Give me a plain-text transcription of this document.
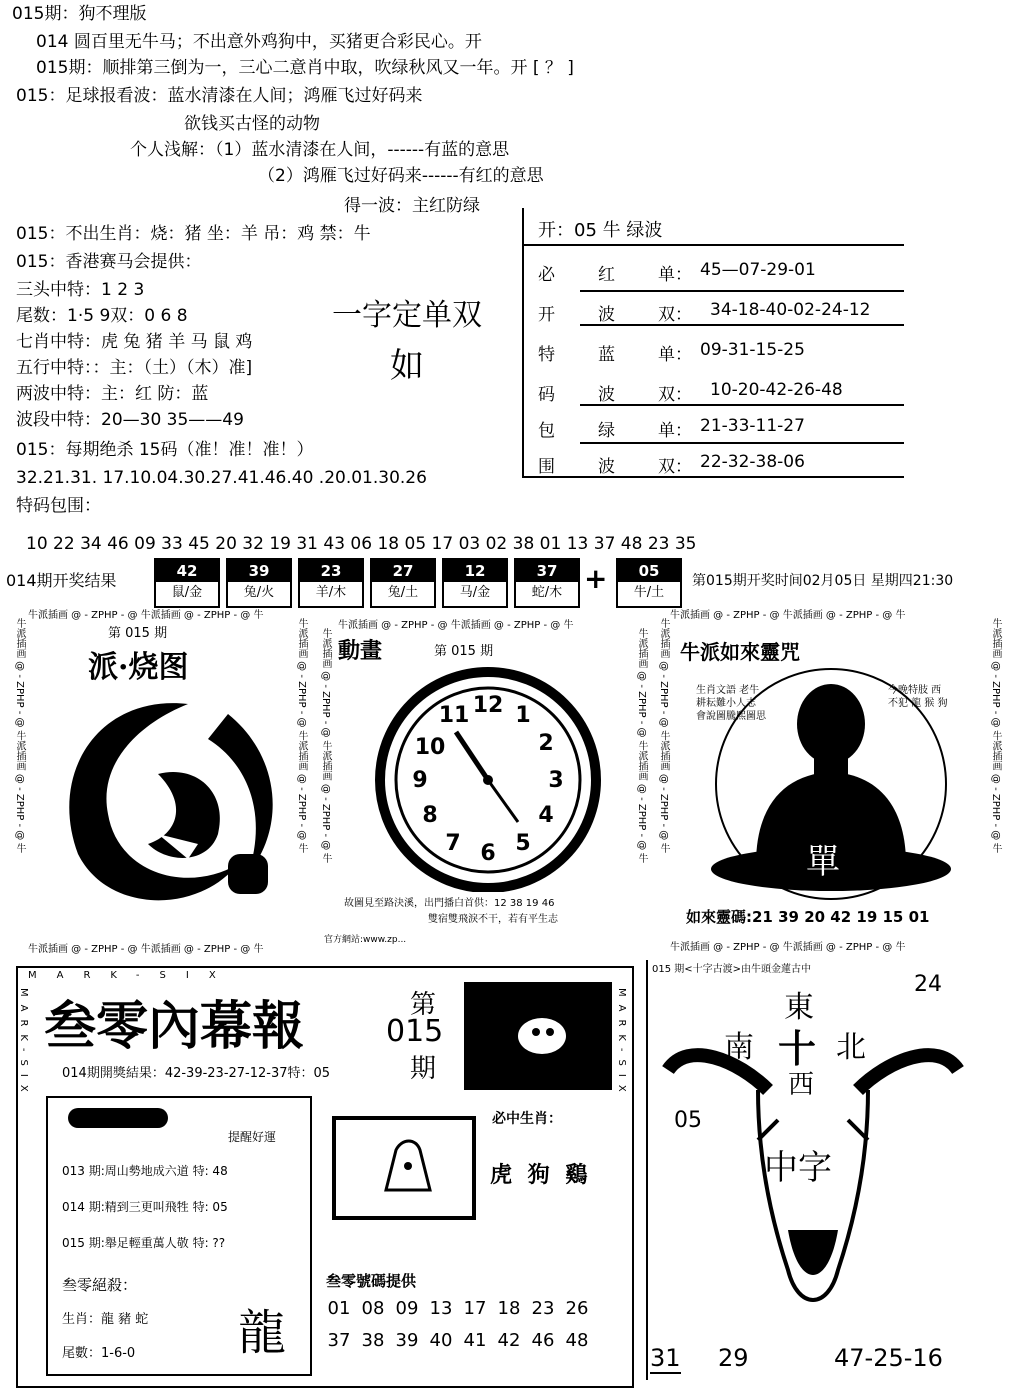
015期：狗不理版
014 圆百里无牛马；不出意外鸡狗中，买猪更合彩民心。开
015期：顺排第三倒为一，三心二意肖中取，吹绿秋风又一年。开 [ ？ ]
015：足球报看波：蓝水清漆在人间；鸿雁飞过好码来
欲钱买古怪的动物
个人浅解：（1）蓝水清漆在人间，------有蓝的意思
（2）鸿雁飞过好码来------有红的意思
得一波：主红防绿
015：不出生肖：烧：猪 坐：羊 吊：鸡 禁：牛
015：香港赛马会提供：
三头中特：1 2 3
尾数：1·5 9双：0 6 8
七肖中特：虎 兔 猪 羊 马 鼠 鸡
五行中特：：主：（土）（木）准]
两波中特：主：红 防：蓝
波段中特：20—30 35——49
015：每期绝杀 15码（准！准！准！）
32.21.31. 17.10.04.30.27.41.46.40 .20.01.30.26
特码包围：
一字定单双
如
开：05 牛 绿波
必	红	单： 45—07-29-01
开	波	双： 34-18-40-02-24-12
特	蓝	单： 09-31-15-25
码	波	双： 10-20-42-26-48
包	绿	单： 21-33-11-27
围	波	双： 22-32-38-06
10 22 34 46 09 33 45 20 32 19 31 43 06 18 05 17 03 02 38 01 13 37 48 23 35
014期开奖结果	42
鼠/金
39
兔/火
23
羊/木
27
兔/土
12
马/金
37
蛇/木 +	05
牛/土
第015期开奖时间02月05日 星期四21:30
牛派插画 @ - ZPHP - @ 牛派插画 @ - ZPHP - @ 牛
牛派插画 @ - ZPHP - @ 牛派插画 @ - ZPHP - @ 牛
牛派插画 @ - ZPHP - @ 牛派插画 @ - ZPHP - @ 牛	牛派插画 @ - ZPHP - @ 牛派插画 @ - ZPHP - @ 牛
第 015 期
派·烧图
牛派插画 @ - ZPHP - @ 牛派插画 @ - ZPHP - @ 牛
牛派插画 @ - ZPHP - @ 牛派插画 @ - ZPHP - @ 牛	牛派插画 @ - ZPHP - @ 牛派插画 @ - ZPHP - @ 牛
動畫	第 015 期
12 1
2
3
4
5
6
7
8
9
10
11
故圖見至路決溪，出門播白首供：12 38 19 46
雙宿雙飛淚不干，若有平生志
官方網站:www.zp...
牛派插画 @ - ZPHP - @ 牛派插画 @ - ZPHP - @ 牛
牛派插画 @ - ZPHP - @ 牛派插画 @ - ZPHP - @ 牛
牛派插画 @ - ZPHP - @ 牛派插画 @ - ZPHP - @ 牛	牛派插画 @ - ZPHP - @ 牛派插画 @ - ZPHP - @ 牛
牛派如來靈咒
生肖文語 老牛耕耘難小人志 會說圖騰熙圖思
今晚特肢 西 不犯 龍 猴 狗
單
如來靈碼:21 39 20 42 19 15 01
MARK-SIX
MARK-SIX	MARK-SIX
叁零內幕報	第
015
期
014期開獎結果：42-39-23-27-12-37特：05
提醒好運
013 期:周山勢地成六道 特: 48
014 期:精到三更叫飛牲 特: 05
015 期:舉足輕重萬人敬 特: ??
叁零絕殺：
生肖：龍 豬 蛇
尾數：1-6-0 龍
必中生肖：
虎 狗 鷄
叁零號碼提供
01 08 09 13 17 18 23 26
37 38 39 40 41 42 46 48
015 期<十字古渡>由牛頭金蓮古中
24
東
南 十 北
西
05
中字
31 29	47-25-16
